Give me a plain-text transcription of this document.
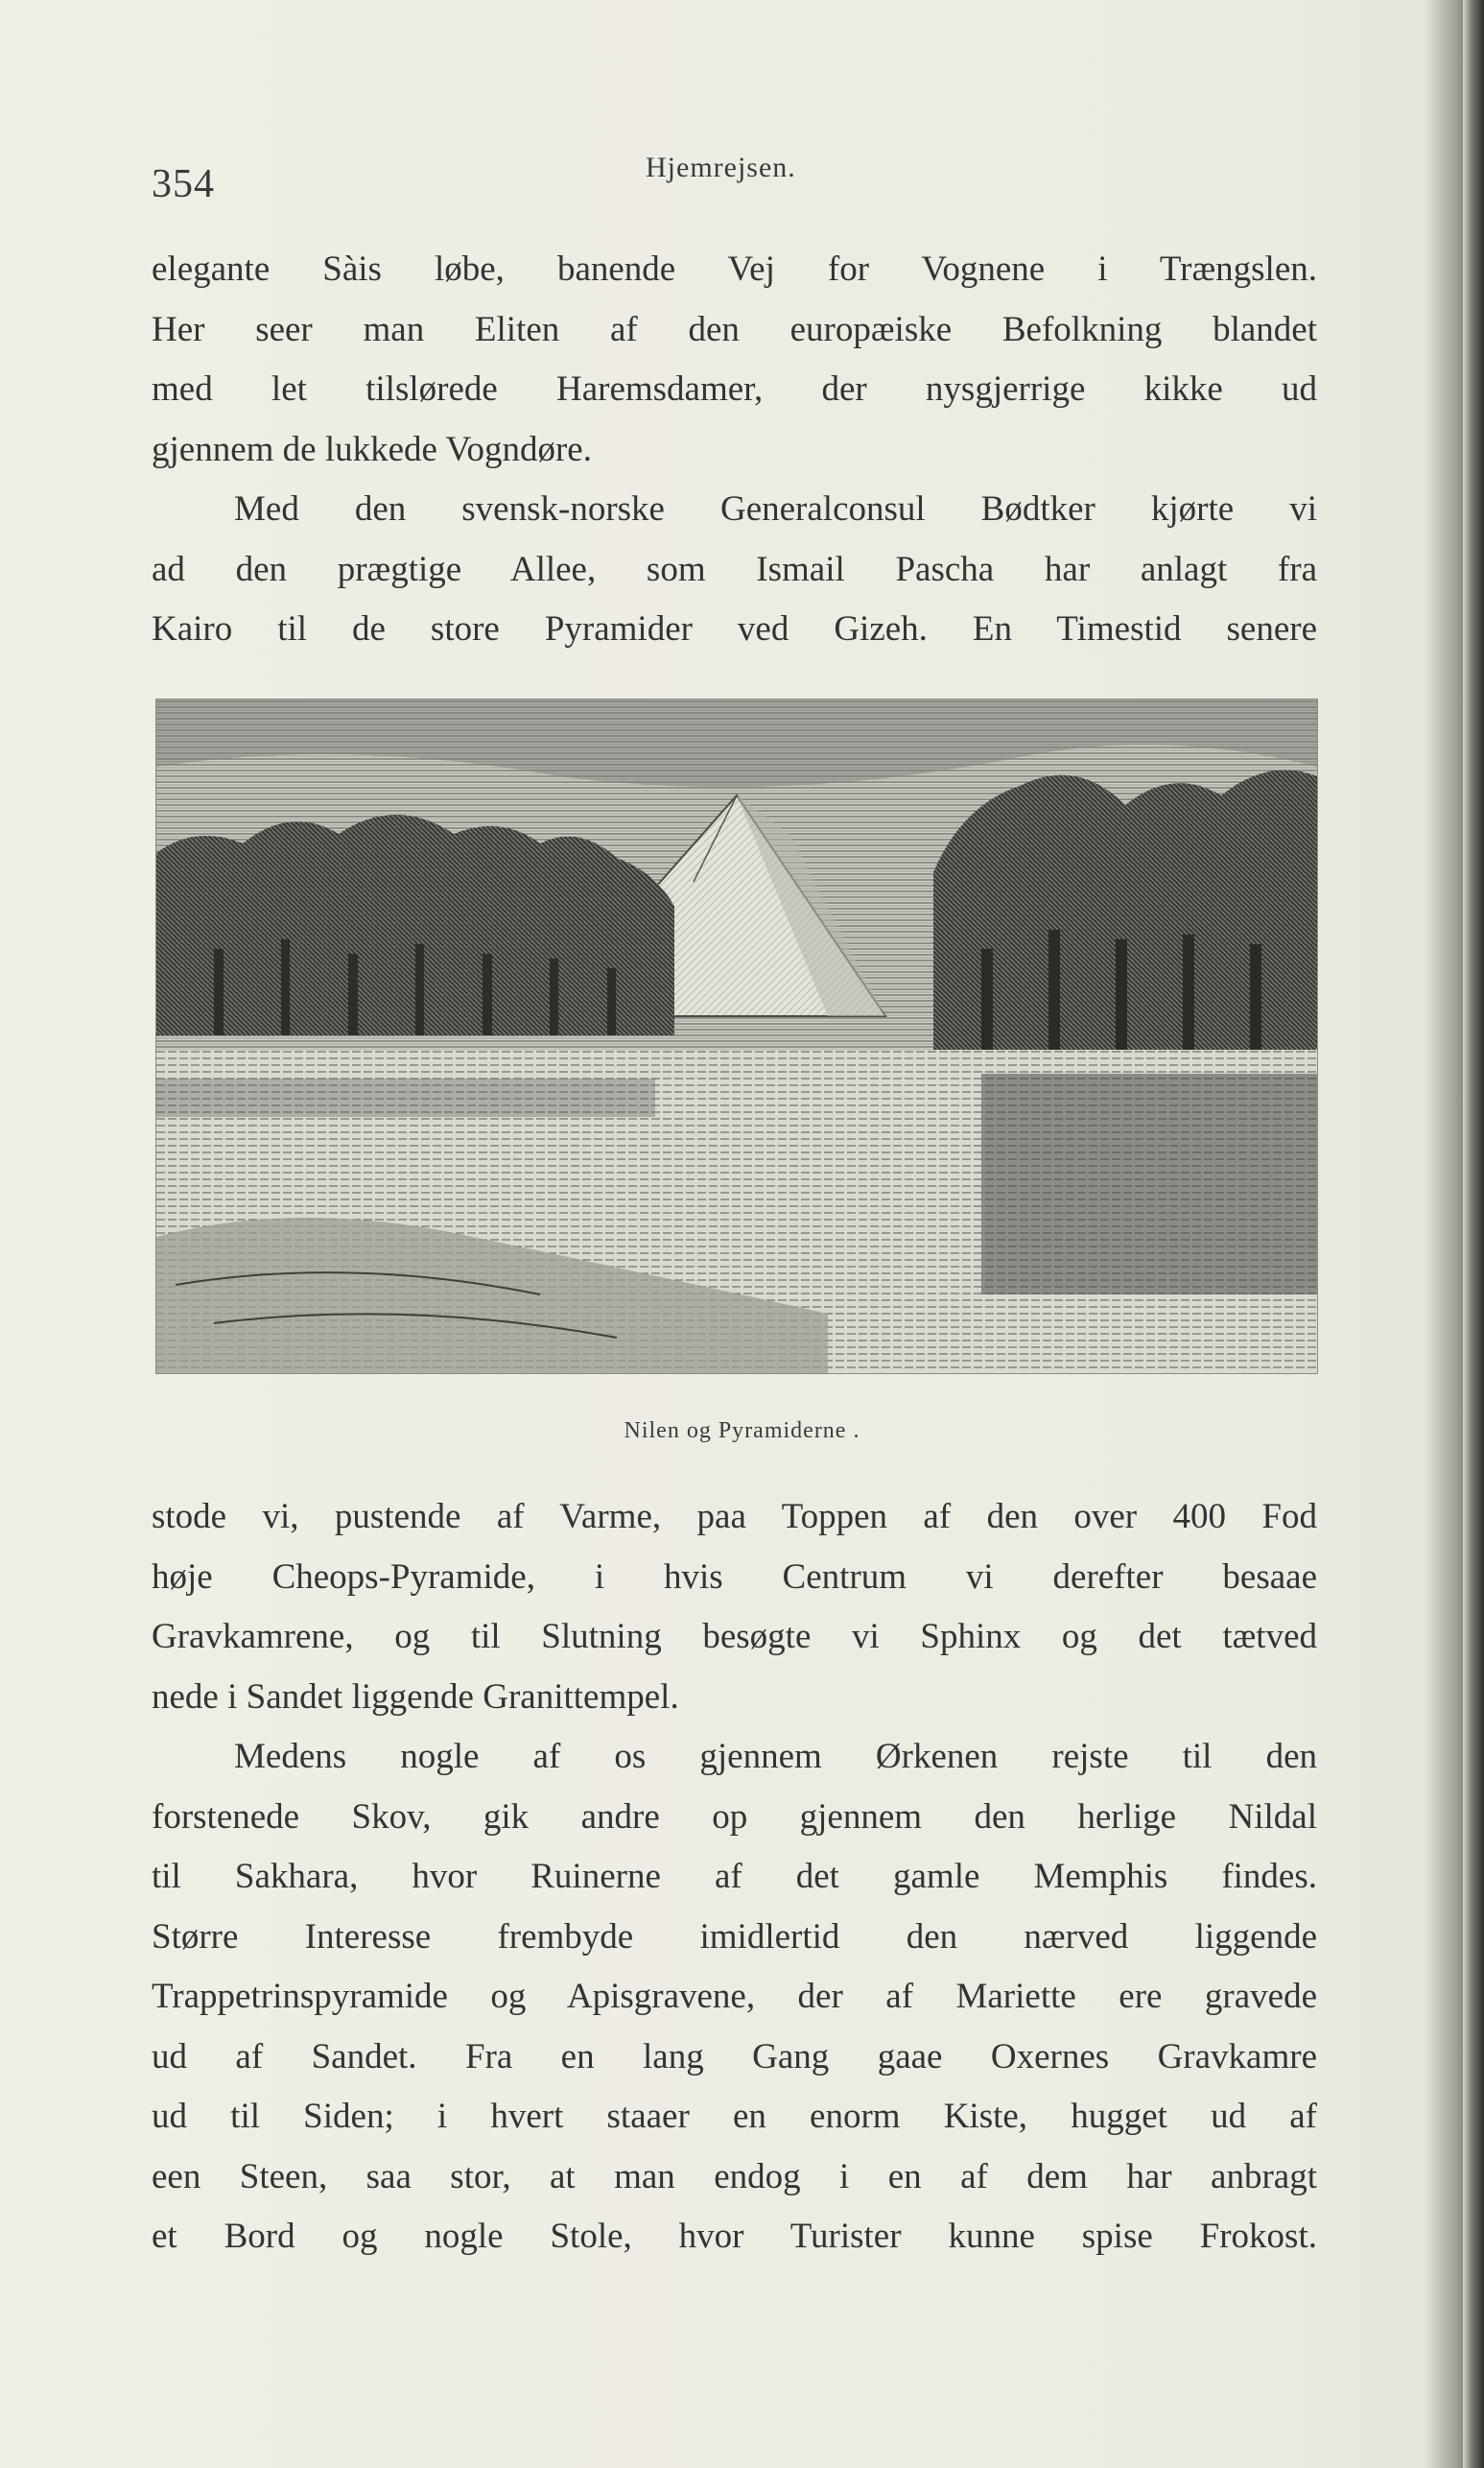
354	Hjemrejsen.
elegante Sàis løbe, banende Vej for Vognene i Trængslen.
Her seer man Eliten af den europæiske Befolkning blandet
med let tilslørede Haremsdamer, der nysgjerrige kikke ud
gjennem de lukkede Vogndøre.
Med den svensk-norske Generalconsul Bødtker kjørte vi
ad den prægtige Allee, som Ismail Pascha har anlagt fra
Kairo til de store Pyramider ved Gizeh. En Timestid senere
Nilen og Pyramiderne .
stode vi, pustende af Varme, paa Toppen af den over 400 Fod
høje Cheops-Pyramide, i hvis Centrum vi derefter besaae
Gravkamrene, og til Slutning besøgte vi Sphinx og det tætved
nede i Sandet liggende Granittempel.
Medens nogle af os gjennem Ørkenen rejste til den
forstenede Skov, gik andre op gjennem den herlige Nildal
til Sakhara, hvor Ruinerne af det gamle Memphis findes.
Større Interesse frembyde imidlertid den nærved liggende
Trappetrinspyramide og Apisgravene, der af Mariette ere gravede
ud af Sandet. Fra en lang Gang gaae Oxernes Gravkamre
ud til Siden; i hvert staaer en enorm Kiste, hugget ud af
een Steen, saa stor, at man endog i en af dem har anbragt
et Bord og nogle Stole, hvor Turister kunne spise Frokost.
